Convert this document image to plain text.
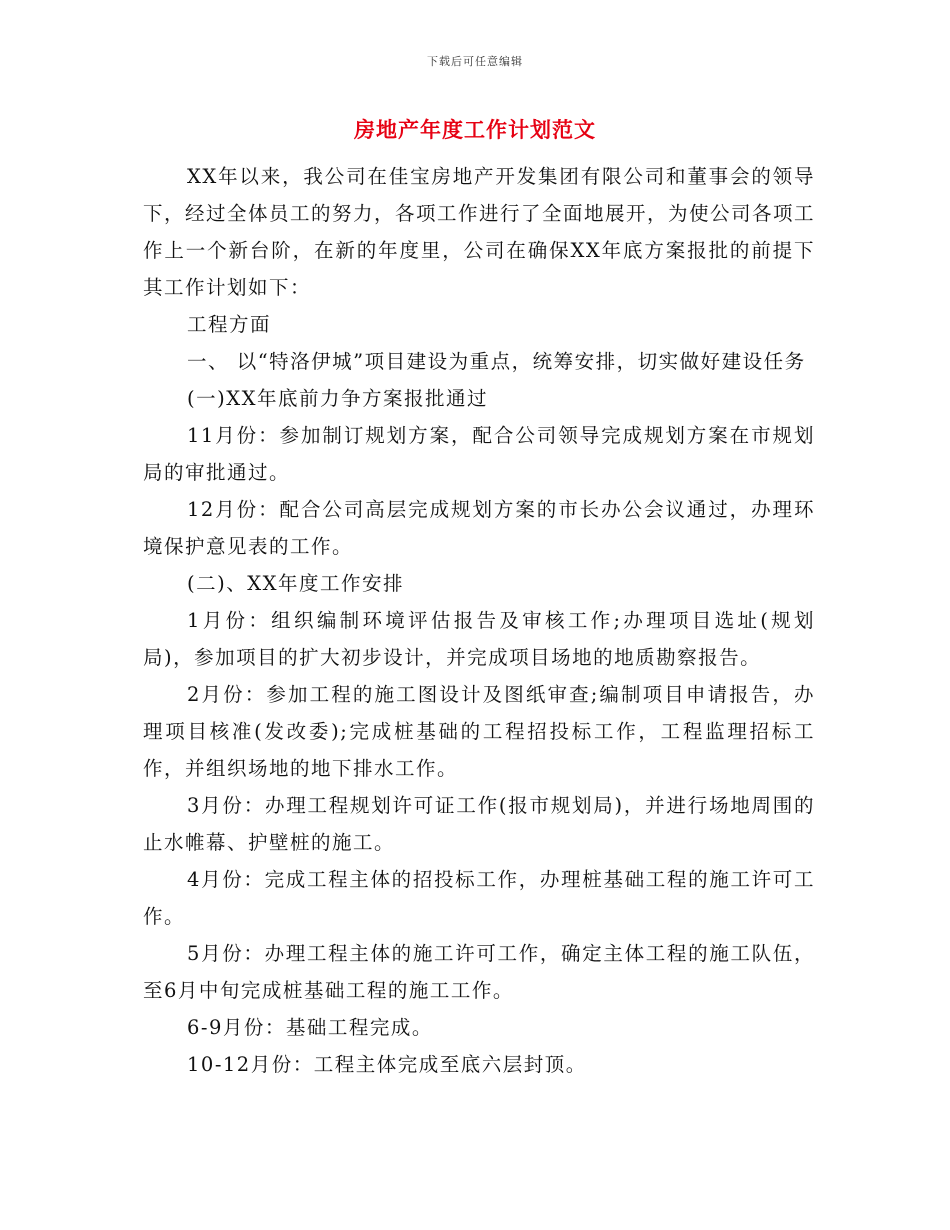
下载后可任意编辑
房地产年度工作计划范文

XX年以来，我公司在佳宝房地产开发集团有限公司和董事会的领导下，经过全体员工的努力，各项工作进行了全面地展开，为使公司各项工作上一个新台阶，在新的年度里，公司在确保XX年底方案报批的前提下其工作计划如下：

工程方面

一、 以“特洛伊城”项目建设为重点，统筹安排，切实做好建设任务

(一)XX年底前力争方案报批通过

11月份：参加制订规划方案，配合公司领导完成规划方案在市规划局的审批通过。

12月份：配合公司高层完成规划方案的市长办公会议通过，办理环境保护意见表的工作。

(二)、XX年度工作安排

1月份：组织编制环境评估报告及审核工作;办理项目选址(规划局)，参加项目的扩大初步设计，并完成项目场地的地质勘察报告。

2月份：参加工程的施工图设计及图纸审查;编制项目申请报告，办理项目核准(发改委);完成桩基础的工程招投标工作，工程监理招标工作，并组织场地的地下排水工作。

3月份：办理工程规划许可证工作(报市规划局)，并进行场地周围的止水帷幕、护壁桩的施工。

4月份：完成工程主体的招投标工作，办理桩基础工程的施工许可工作。

5月份：办理工程主体的施工许可工作，确定主体工程的施工队伍，至6月中旬完成桩基础工程的施工工作。

6-9月份：基础工程完成。

10-12月份：工程主体完成至底六层封顶。
